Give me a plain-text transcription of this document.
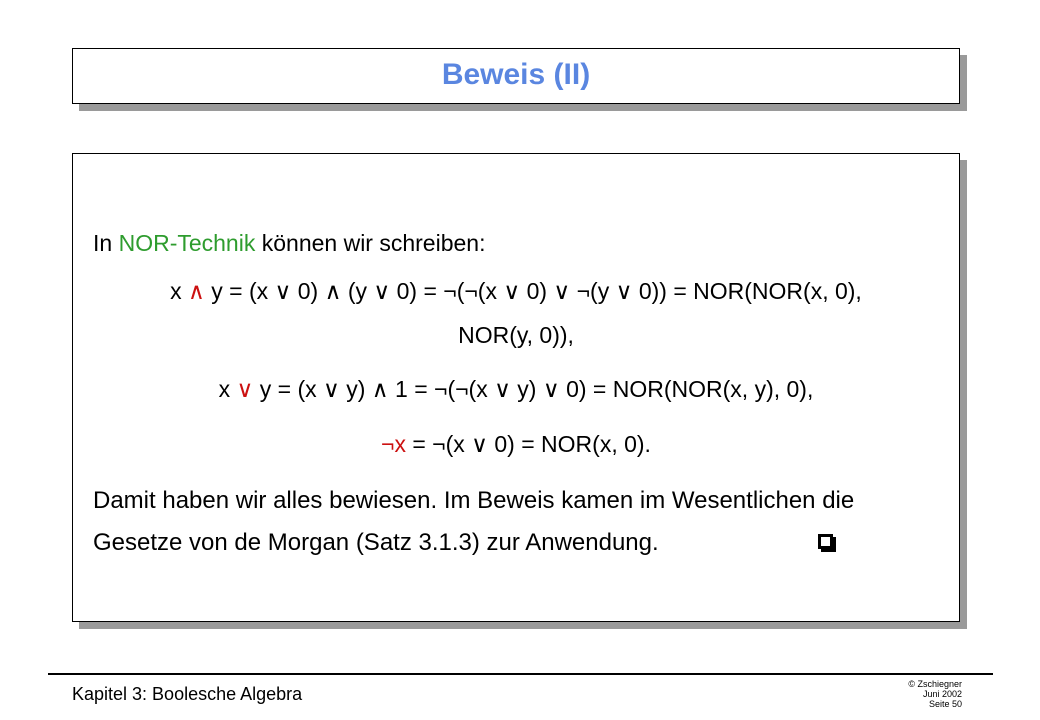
Beweis (II)
In NOR-Technik können wir schreiben:
x ∧ y = (x ∨ 0) ∧ (y ∨ 0) = ¬(¬(x ∨ 0) ∨ ¬(y ∨ 0)) = NOR(NOR(x, 0),
NOR(y, 0)),
x ∨ y = (x ∨ y) ∧ 1 = ¬(¬(x ∨ y) ∨ 0) = NOR(NOR(x, y), 0),
¬x = ¬(x ∨ 0) = NOR(x, 0).
Damit haben wir alles bewiesen. Im Beweis kamen im Wesentlichen die
Gesetze von de Morgan (Satz 3.1.3) zur Anwendung.
Kapitel 3: Boolesche Algebra	© Zschiegner
Juni 2002
Seite 50
